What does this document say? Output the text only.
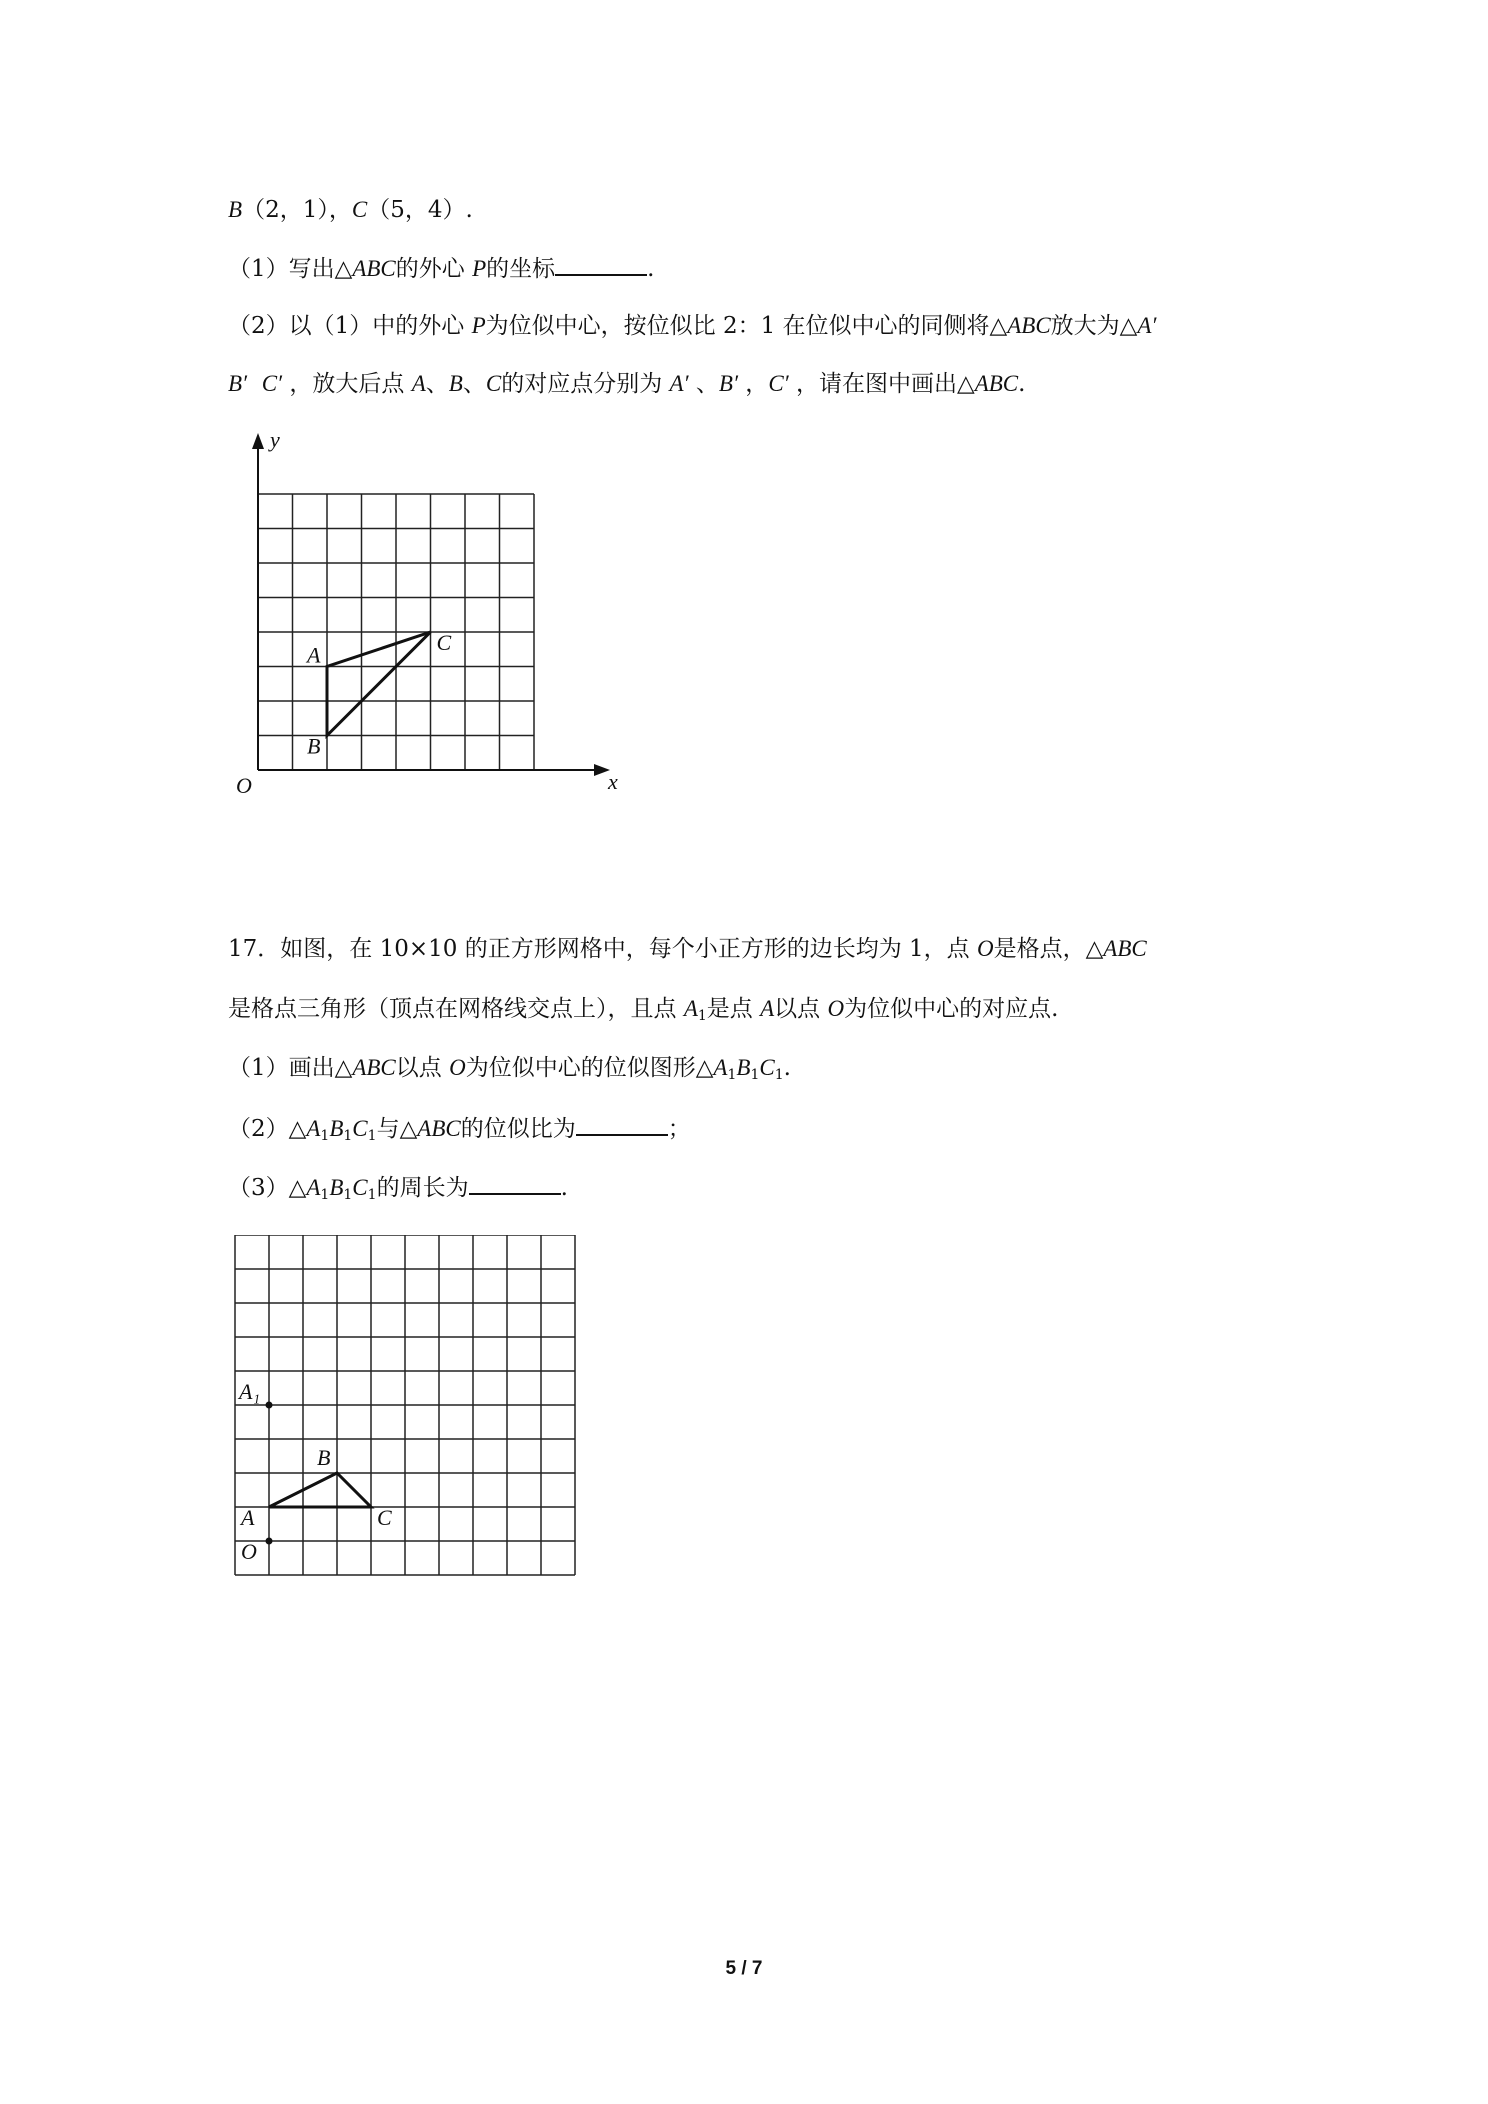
B（2，1），C（5，4）.
（1）写出△ABC的外心 P的坐标	.
（2）以（1）中的外心 P为位似中心，按位似比 2：1 在位似中心的同侧将△ABC放大为△A′
B′ C′ ，放大后点 A、B、C的对应点分别为 A′ 、B′ ，C′ ，请在图中画出△ABC.
y
x
O
A
B
C
17．如图，在 10×10 的正方形网格中，每个小正方形的边长均为 1，点 O是格点，△ABC
是格点三角形（顶点在网格线交点上），且点 $A_1$是点 A以点 O为位似中心的对应点.
（1）画出△ABC以点 O为位似中心的位似图形$\triangle A_1B_1C_1$.
$(2)\triangle A_1B_1C_1$与△ABC的位似比为	；
$(3)\triangle A_1B_1C_1$的周长为	.
A₁
A
B
C
O
5 / 7
